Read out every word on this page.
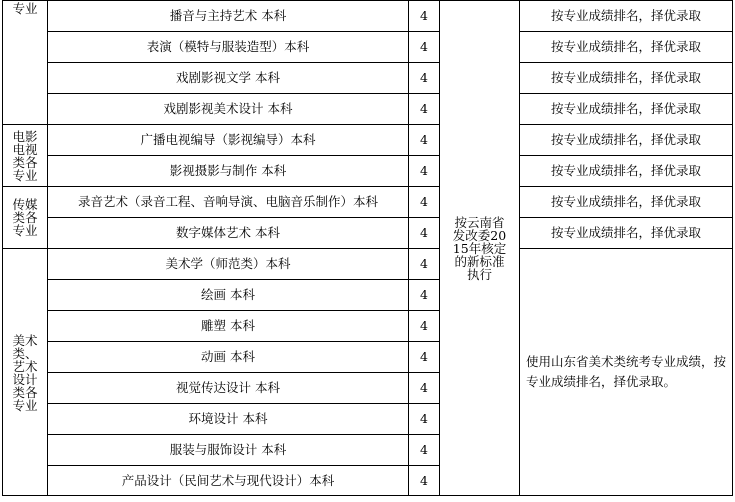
专业	播音与主持艺术 本科	4	按云南省发改委2015年核定的新标准执行	按专业成绩排名，择优录取
	表演（模特与服装造型）本科	4		按专业成绩排名，择优录取
	戏剧影视文学 本科	4		按专业成绩排名，择优录取
	戏剧影视美术设计 本科	4		按专业成绩排名，择优录取

电影电视类各专业	广播电视编导（影视编导）本科	4		按专业成绩排名，择优录取
	影视摄影与制作 本科	4		按专业成绩排名，择优录取

传媒类各专业	录音艺术（录音工程、音响导演、电脑音乐制作）本科	4		按专业成绩排名，择优录取
	数字媒体艺术 本科	4		按专业成绩排名，择优录取

美术类、艺术设计类各专业	美术学（师范类）本科	4		使用山东省美术类统考专业成绩，按专业成绩排名，择优录取。

	绘画 本科	4		
	雕塑 本科	4		
	动画 本科	4		
	视觉传达设计 本科	4		
	环境设计 本科	4		
	服装与服饰设计 本科	4		
	产品设计（民间艺术与现代设计）本科	4		
